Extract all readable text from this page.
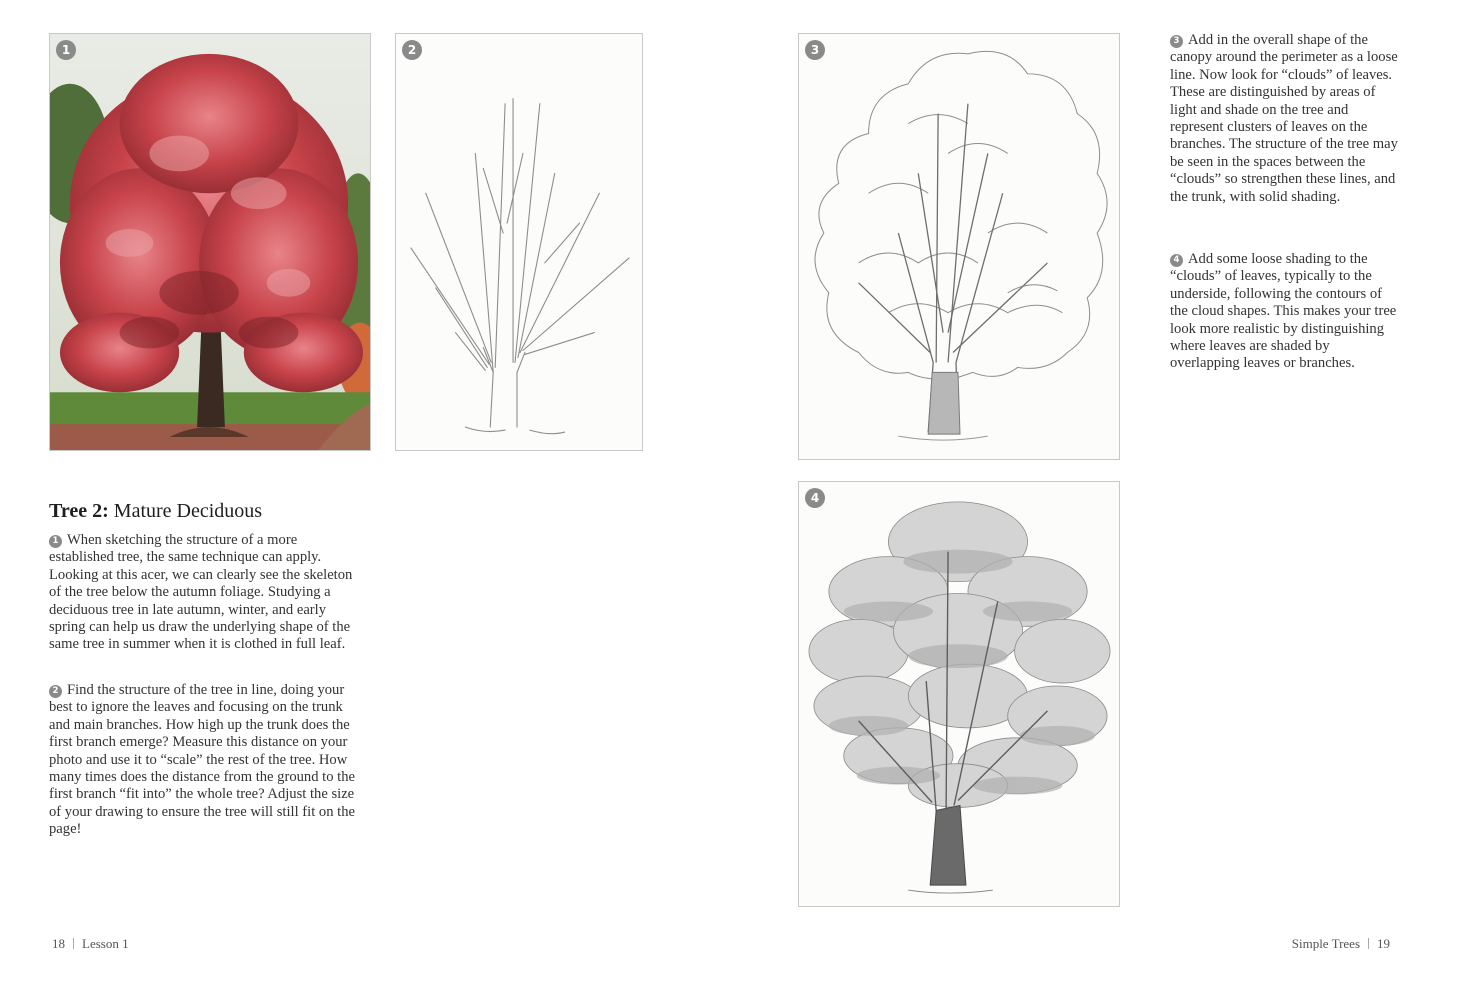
1	2	3
4
Tree 2: Mature Deciduous

1 When sketching the structure of a more established tree, the same technique can apply. Looking at this acer, we can clearly see the skeleton of the tree below the autumn foliage. Studying a deciduous tree in late autumn, winter, and early spring can help us draw the underlying shape of the same tree in summer when it is clothed in full leaf.

2 Find the structure of the tree in line, doing your best to ignore the leaves and focusing on the trunk and main branches. How high up the trunk does the first branch emerge? Measure this distance on your photo and use it to “scale” the rest of the tree. How many times does the distance from the ground to the first branch “fit into” the whole tree? Adjust the size of your drawing to ensure the tree will still fit on the page!

3 Add in the overall shape of the canopy around the perimeter as a loose line. Now look for “clouds” of leaves. These are distinguished by areas of light and shade on the tree and represent clusters of leaves on the branches. The structure of the tree may be seen in the spaces between the “clouds” so strengthen these lines, and the trunk, with solid shading.

4 Add some loose shading to the “clouds” of leaves, typically to the underside, following the contours of the cloud shapes. This makes your tree look more realistic by distinguishing where leaves are shaded by overlapping leaves or branches.

18 Lesson 1	Simple Trees 19
